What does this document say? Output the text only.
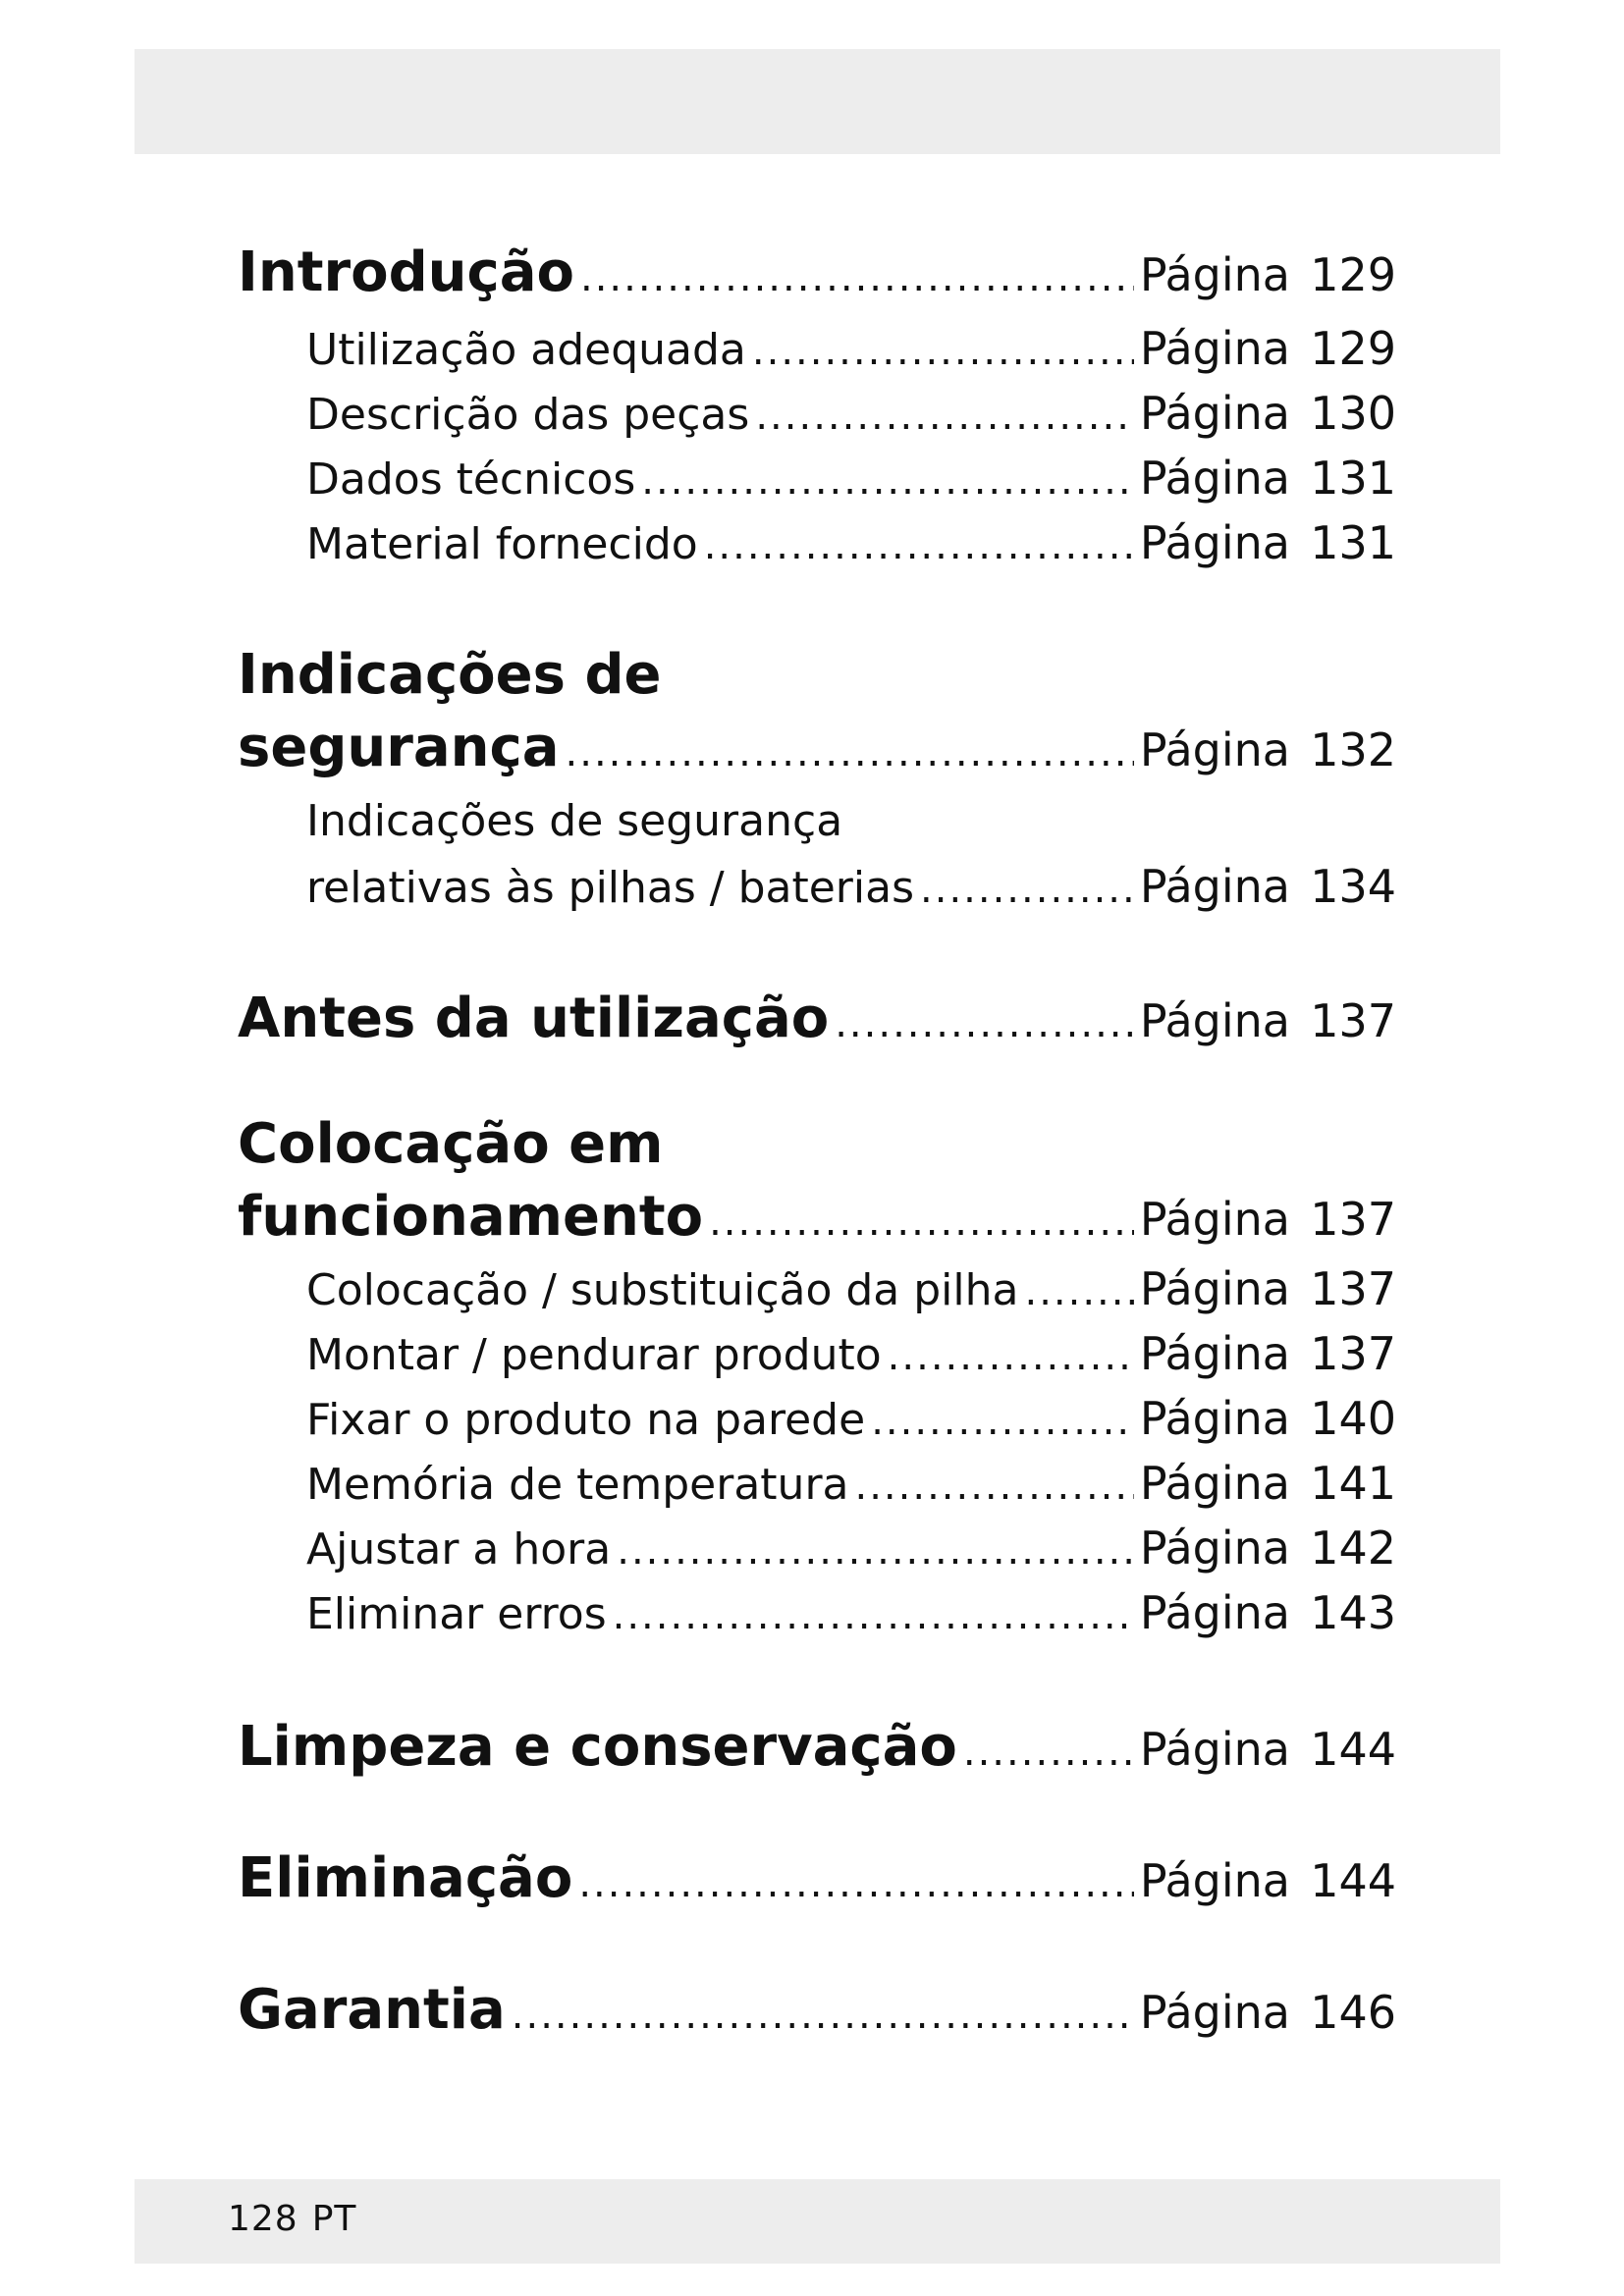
Introdução .....	Página 129
Utilização adequada .....	Página 129
Descrição das peças .....	Página 130
Dados técnicos .....	Página 131
Material fornecido .....	Página 131
Indicações de
segurança .....	Página 132
Indicações de segurança
relativas às pilhas / baterias .....	Página 134
Antes da utilização .....	Página 137
Colocação em
funcionamento .....	Página 137
Colocação / substituição da pilha .....	Página 137
Montar / pendurar produto .....	Página 137
Fixar o produto na parede .....	Página 140
Memória de temperatura .....	Página 141
Ajustar a hora .....	Página 142
Eliminar erros .....	Página 143
Limpeza e conservação .....	Página 144
Eliminação .....	Página 144
Garantia .....	Página 146
128 PT
